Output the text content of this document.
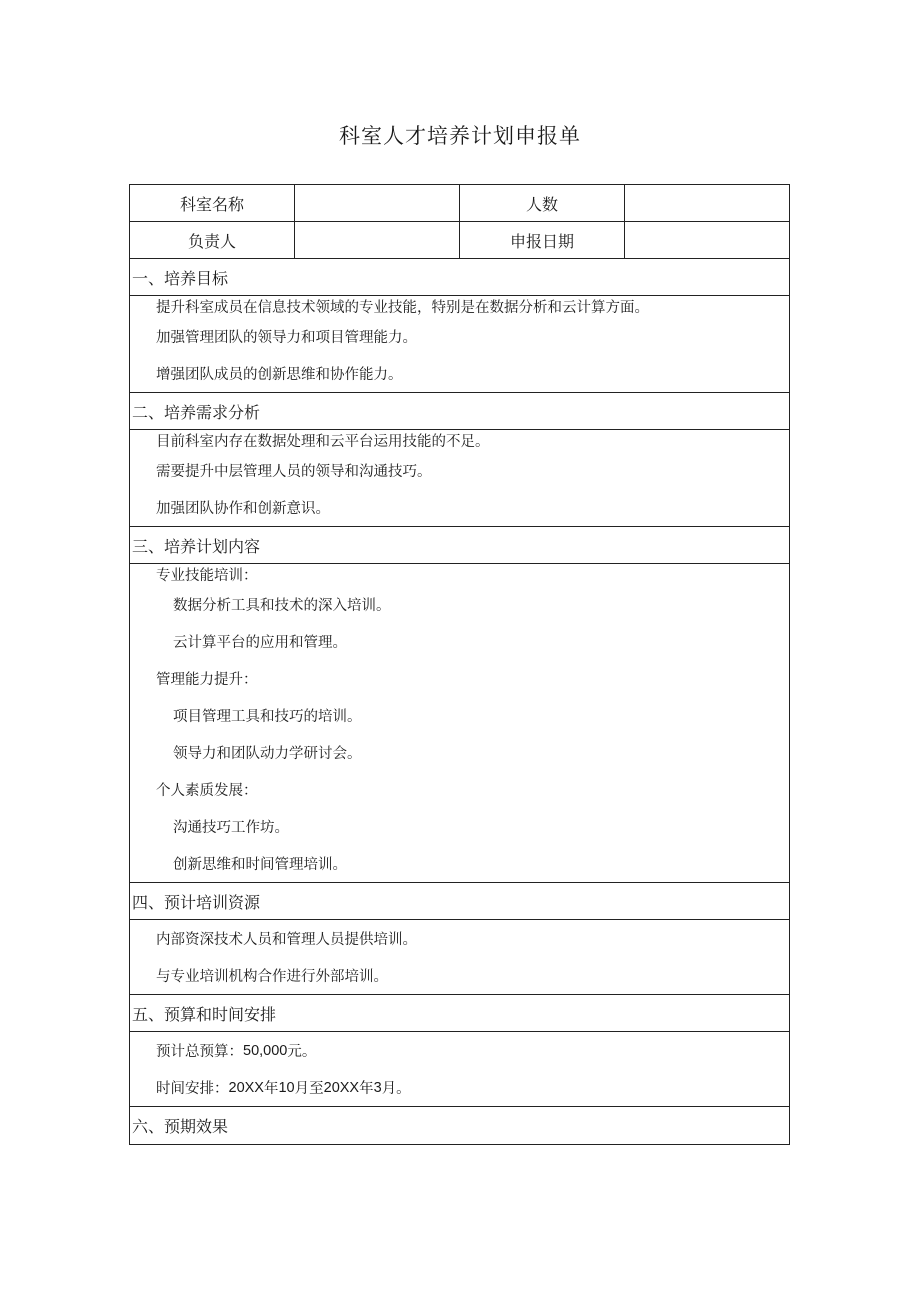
科室人才培养计划申报单
科室名称	人数
负责人	申报日期
一、培养目标
提升科室成员在信息技术领域的专业技能，特别是在数据分析和云计算方面。
加强管理团队的领导力和项目管理能力。
增强团队成员的创新思维和协作能力。
二、培养需求分析
目前科室内存在数据处理和云平台运用技能的不足。
需要提升中层管理人员的领导和沟通技巧。
加强团队协作和创新意识。
三、培养计划内容
专业技能培训：
数据分析工具和技术的深入培训。
云计算平台的应用和管理。
管理能力提升：
项目管理工具和技巧的培训。
领导力和团队动力学研讨会。
个人素质发展：
沟通技巧工作坊。
创新思维和时间管理培训。
四、预计培训资源
内部资深技术人员和管理人员提供培训。
与专业培训机构合作进行外部培训。
五、预算和时间安排
预计总预算： 50,000 元。
时间安排： 20XX 年 10 月至 20XX 年 3 月。
六、预期效果
